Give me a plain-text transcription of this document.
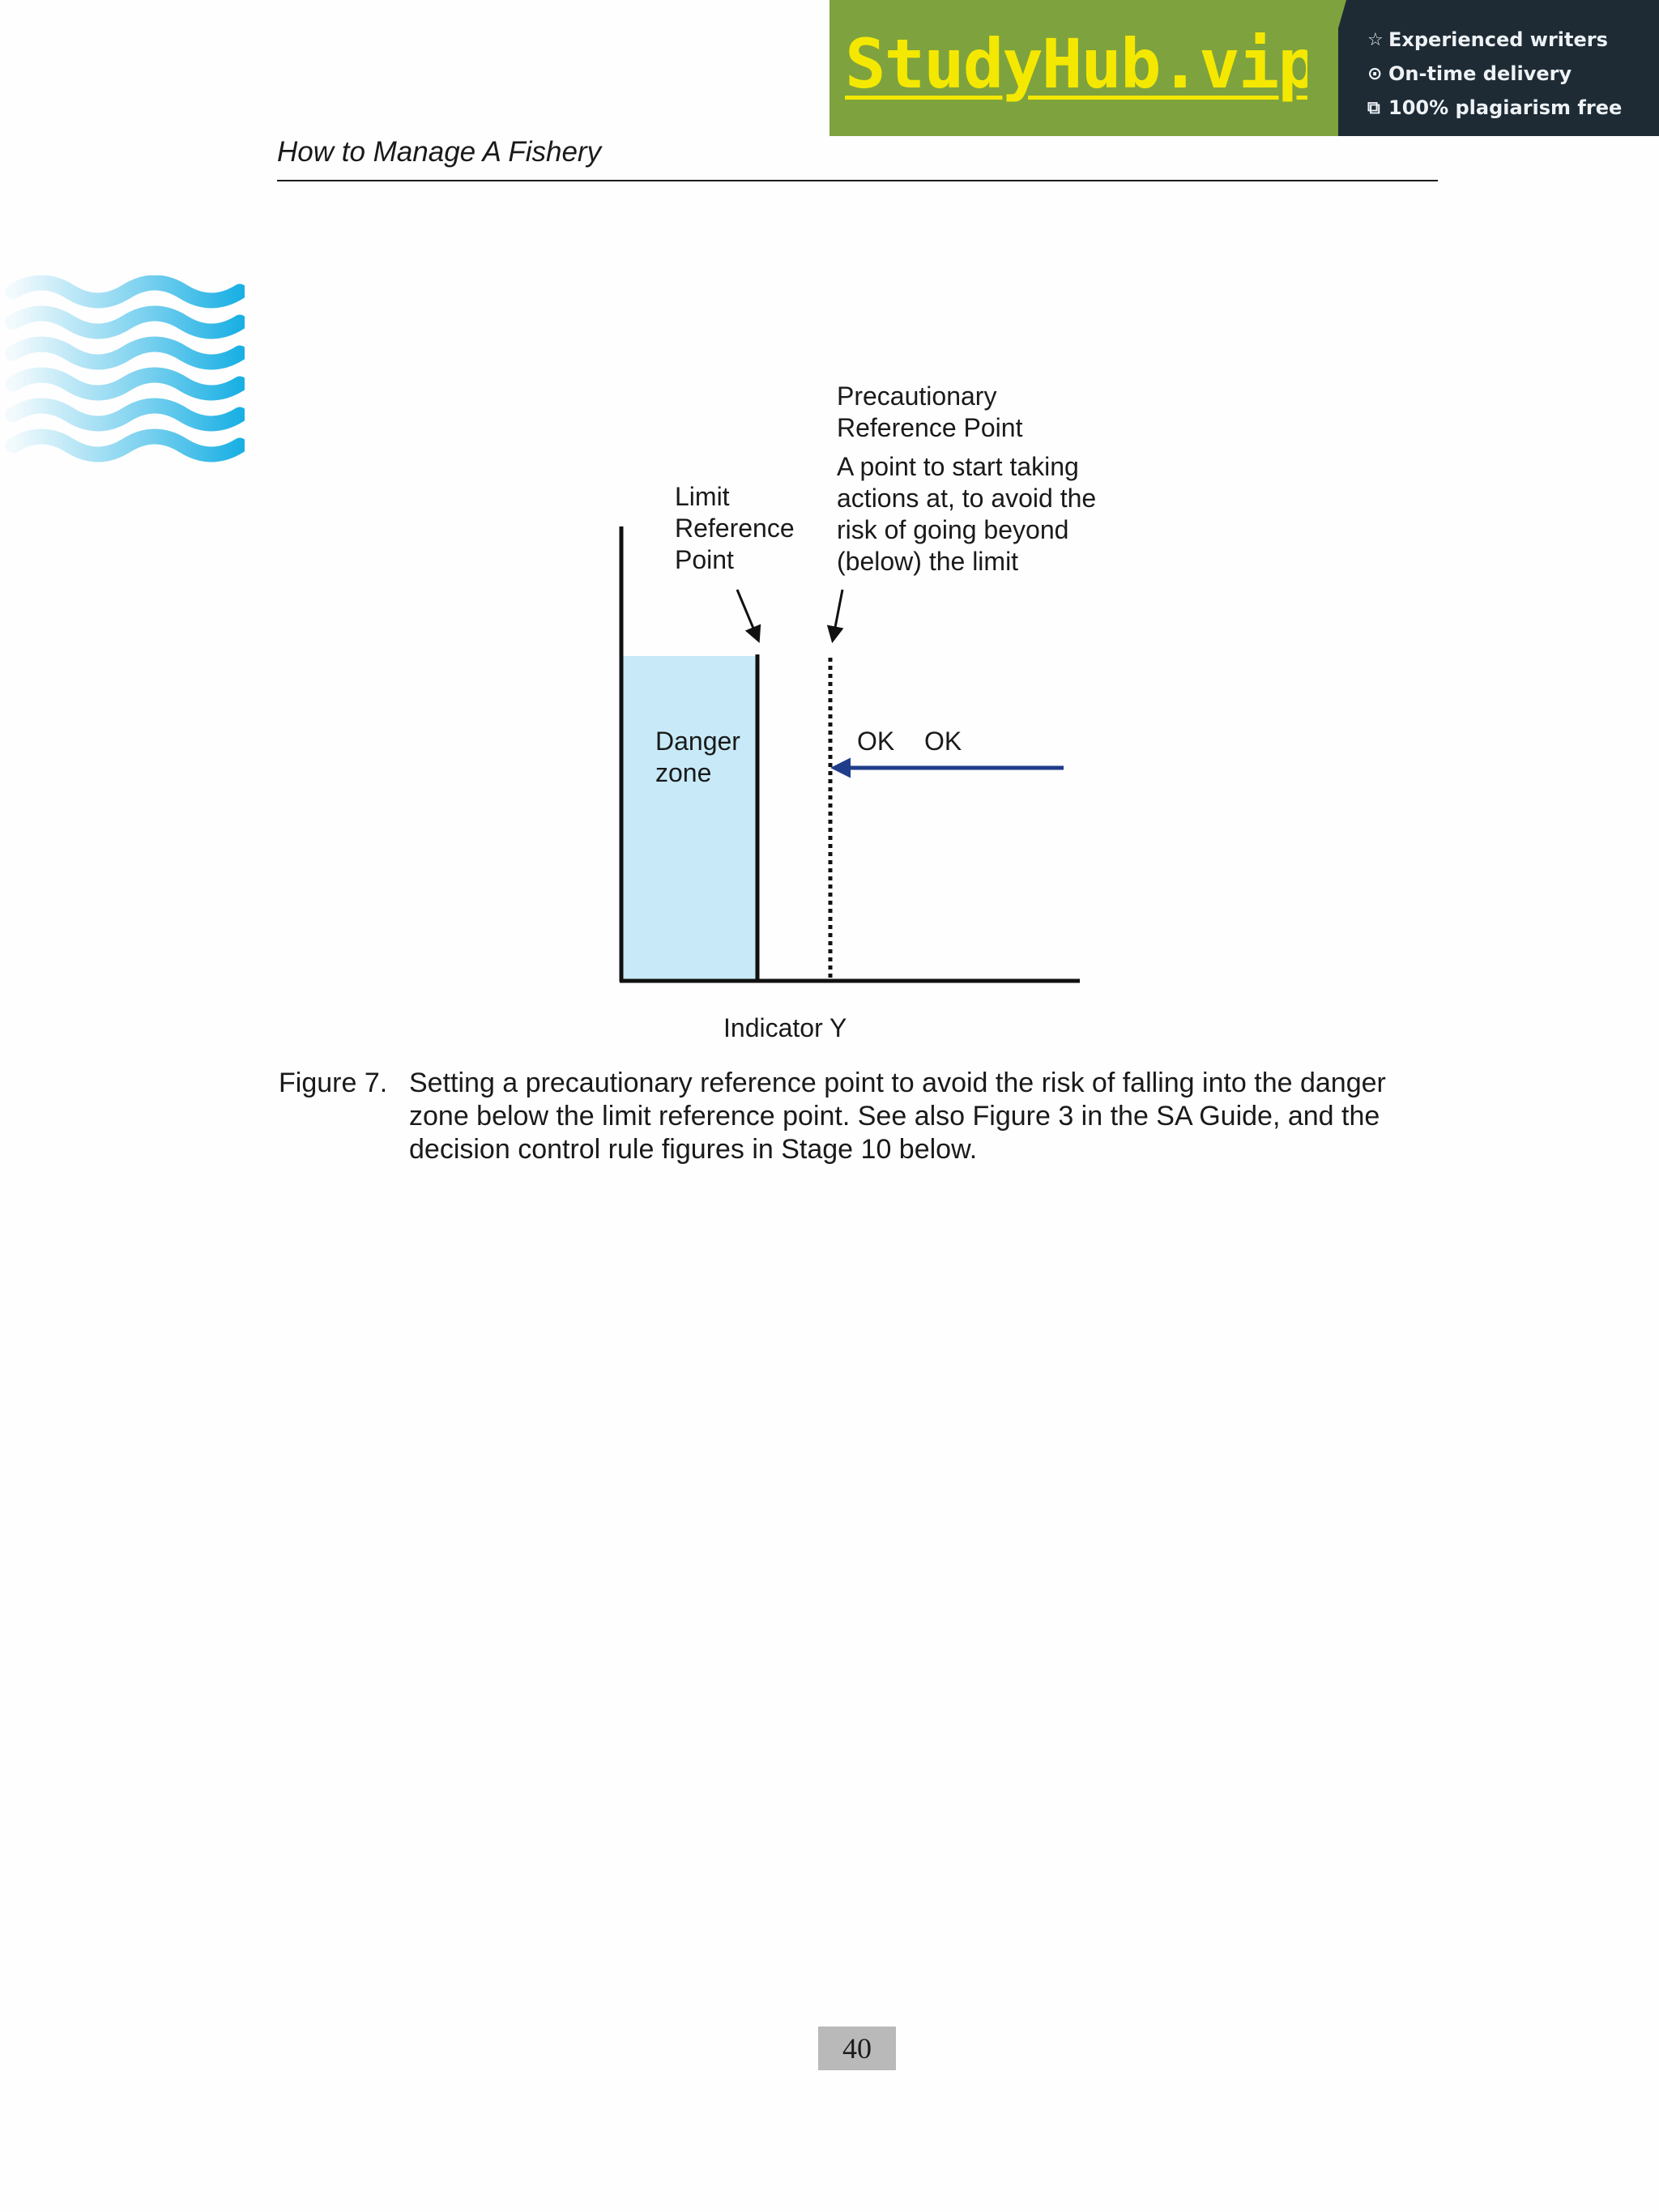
StudyHub.vip	☆ Experienced writers
⊙ On-time delivery
⧉ 100% plagiarism free
How to Manage A Fishery
Limit
Reference
Point
Precautionary
Reference Point
A point to start taking
actions at, to avoid the
risk of going beyond
(below) the limit
Danger
zone
OK OK
Indicator Y
Figure 7. Setting a precautionary reference point to avoid the risk of falling into the danger zone below the limit reference point. See also Figure 3 in the SA Guide, and the decision control rule figures in Stage 10 below.
40
